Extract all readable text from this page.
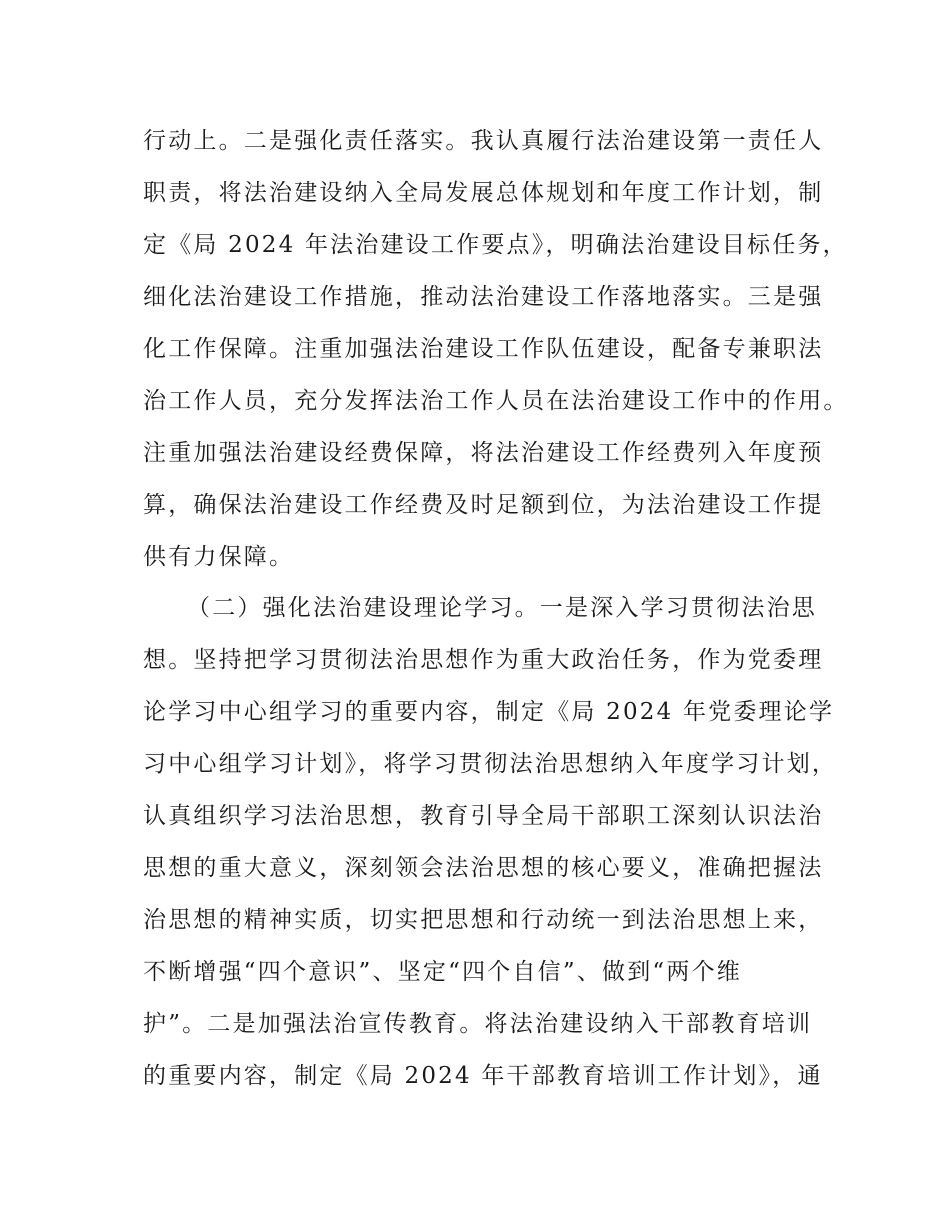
行动上。二是强化责任落实。我认真履行法治建设第一责任人

职责，将法治建设纳入全局发展总体规划和年度工作计划，制

定《局 2024 年法治建设工作要点》，明确法治建设目标任务，

细化法治建设工作措施，推动法治建设工作落地落实。三是强

化工作保障。注重加强法治建设工作队伍建设，配备专兼职法

治工作人员，充分发挥法治工作人员在法治建设工作中的作用。

注重加强法治建设经费保障，将法治建设工作经费列入年度预

算，确保法治建设工作经费及时足额到位，为法治建设工作提

供有力保障。

（二）强化法治建设理论学习。一是深入学习贯彻法治思

想。坚持把学习贯彻法治思想作为重大政治任务，作为党委理

论学习中心组学习的重要内容，制定《局 2024 年党委理论学

习中心组学习计划》，将学习贯彻法治思想纳入年度学习计划，

认真组织学习法治思想，教育引导全局干部职工深刻认识法治

思想的重大意义，深刻领会法治思想的核心要义，准确把握法

治思想的精神实质，切实把思想和行动统一到法治思想上来，

不断增强“四个意识”、坚定“四个自信”、做到“两个维

护”。二是加强法治宣传教育。将法治建设纳入干部教育培训

的重要内容，制定《局 2024 年干部教育培训工作计划》，通
